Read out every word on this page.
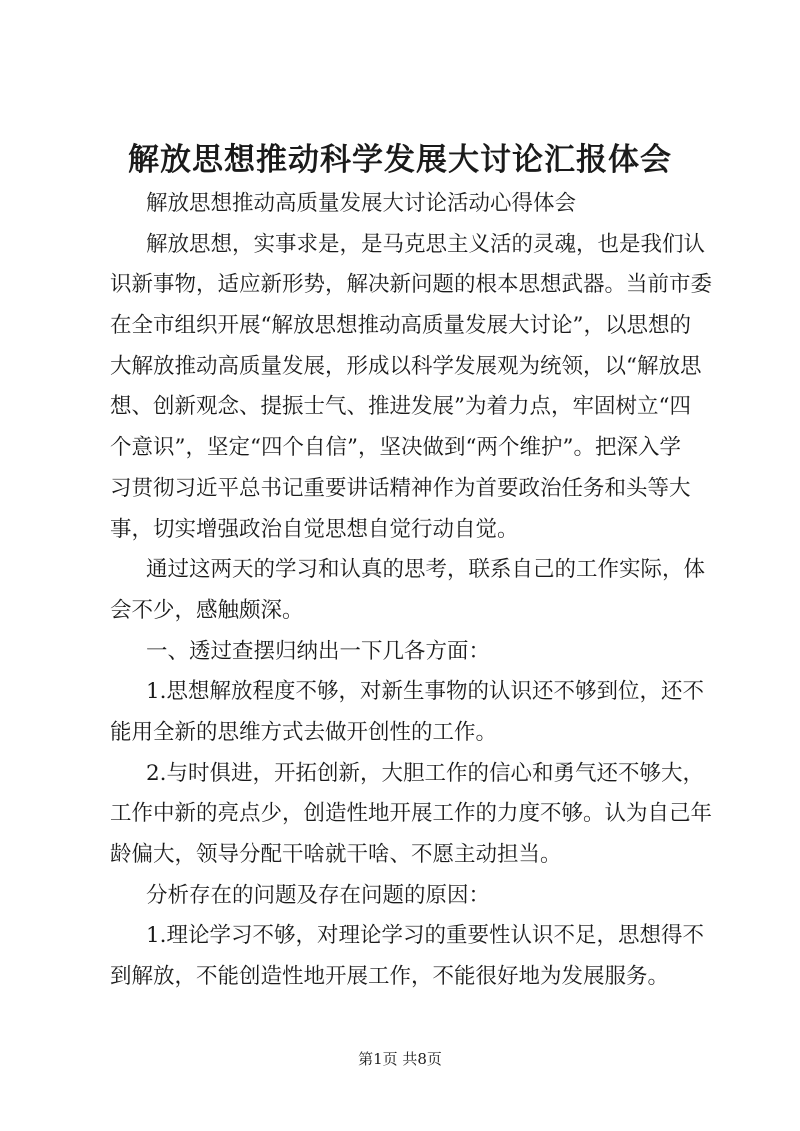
解放思想推动科学发展大讨论汇报体会
解放思想推动高质量发展大讨论活动心得体会
解放思想，实事求是，是马克思主义活的灵魂，也是我们认
识新事物，适应新形势，解决新问题的根本思想武器。当前市委
在全市组织开展“解放思想推动高质量发展大讨论”，以思想的
大解放推动高质量发展，形成以科学发展观为统领，以“解放思
想、创新观念、提振士气、推进发展”为着力点，牢固树立“四
个意识”，坚定“四个自信”，坚决做到“两个维护”。把深入学
习贯彻习近平总书记重要讲话精神作为首要政治任务和头等大
事，切实增强政治自觉思想自觉行动自觉。
通过这两天的学习和认真的思考，联系自己的工作实际，体
会不少，感触颇深。
一、透过查摆归纳出一下几各方面：
1.思想解放程度不够，对新生事物的认识还不够到位，还不
能用全新的思维方式去做开创性的工作。
2.与时俱进，开拓创新，大胆工作的信心和勇气还不够大，
工作中新的亮点少，创造性地开展工作的力度不够。认为自己年
龄偏大，领导分配干啥就干啥、不愿主动担当。
分析存在的问题及存在问题的原因：
1.理论学习不够，对理论学习的重要性认识不足，思想得不
到解放，不能创造性地开展工作，不能很好地为发展服务。
第1页 共8页
